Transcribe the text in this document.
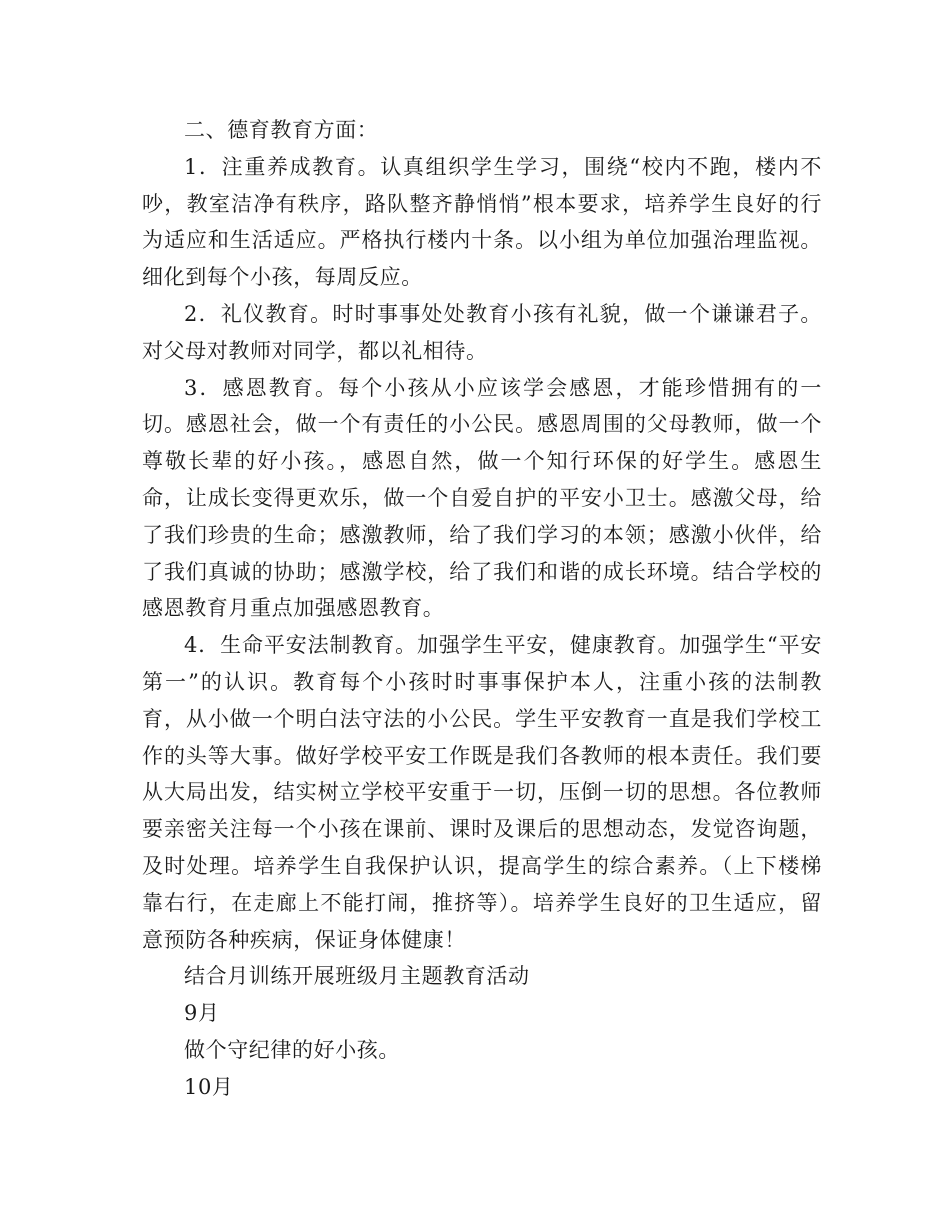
二、德育教育方面：

1．注重养成教育。认真组织学生学习，围绕“校内不跑，楼内不吵，教室洁净有秩序，路队整齐静悄悄”根本要求，培养学生良好的行为适应和生活适应。严格执行楼内十条。以小组为单位加强治理监视。细化到每个小孩，每周反应。

2．礼仪教育。时时事事处处教育小孩有礼貌，做一个谦谦君子。对父母对教师对同学，都以礼相待。

3．感恩教育。每个小孩从小应该学会感恩，才能珍惜拥有的一切。感恩社会，做一个有责任的小公民。感恩周围的父母教师，做一个尊敬长辈的好小孩。，感恩自然，做一个知行环保的好学生。感恩生命，让成长变得更欢乐，做一个自爱自护的平安小卫士。感激父母，给了我们珍贵的生命；感激教师，给了我们学习的本领；感激小伙伴，给了我们真诚的协助；感激学校，给了我们和谐的成长环境。结合学校的感恩教育月重点加强感恩教育。

4．生命平安法制教育。加强学生平安，健康教育。加强学生“平安第一”的认识。教育每个小孩时时事事保护本人，注重小孩的法制教育，从小做一个明白法守法的小公民。学生平安教育一直是我们学校工作的头等大事。做好学校平安工作既是我们各教师的根本责任。我们要从大局出发，结实树立学校平安重于一切，压倒一切的思想。各位教师要亲密关注每一个小孩在课前、课时及课后的思想动态，发觉咨询题，及时处理。培养学生自我保护认识，提高学生的综合素养。（上下楼梯靠右行，在走廊上不能打闹，推挤等）。培养学生良好的卫生适应，留意预防各种疾病，保证身体健康！

结合月训练开展班级月主题教育活动

9月

做个守纪律的好小孩。

10月
